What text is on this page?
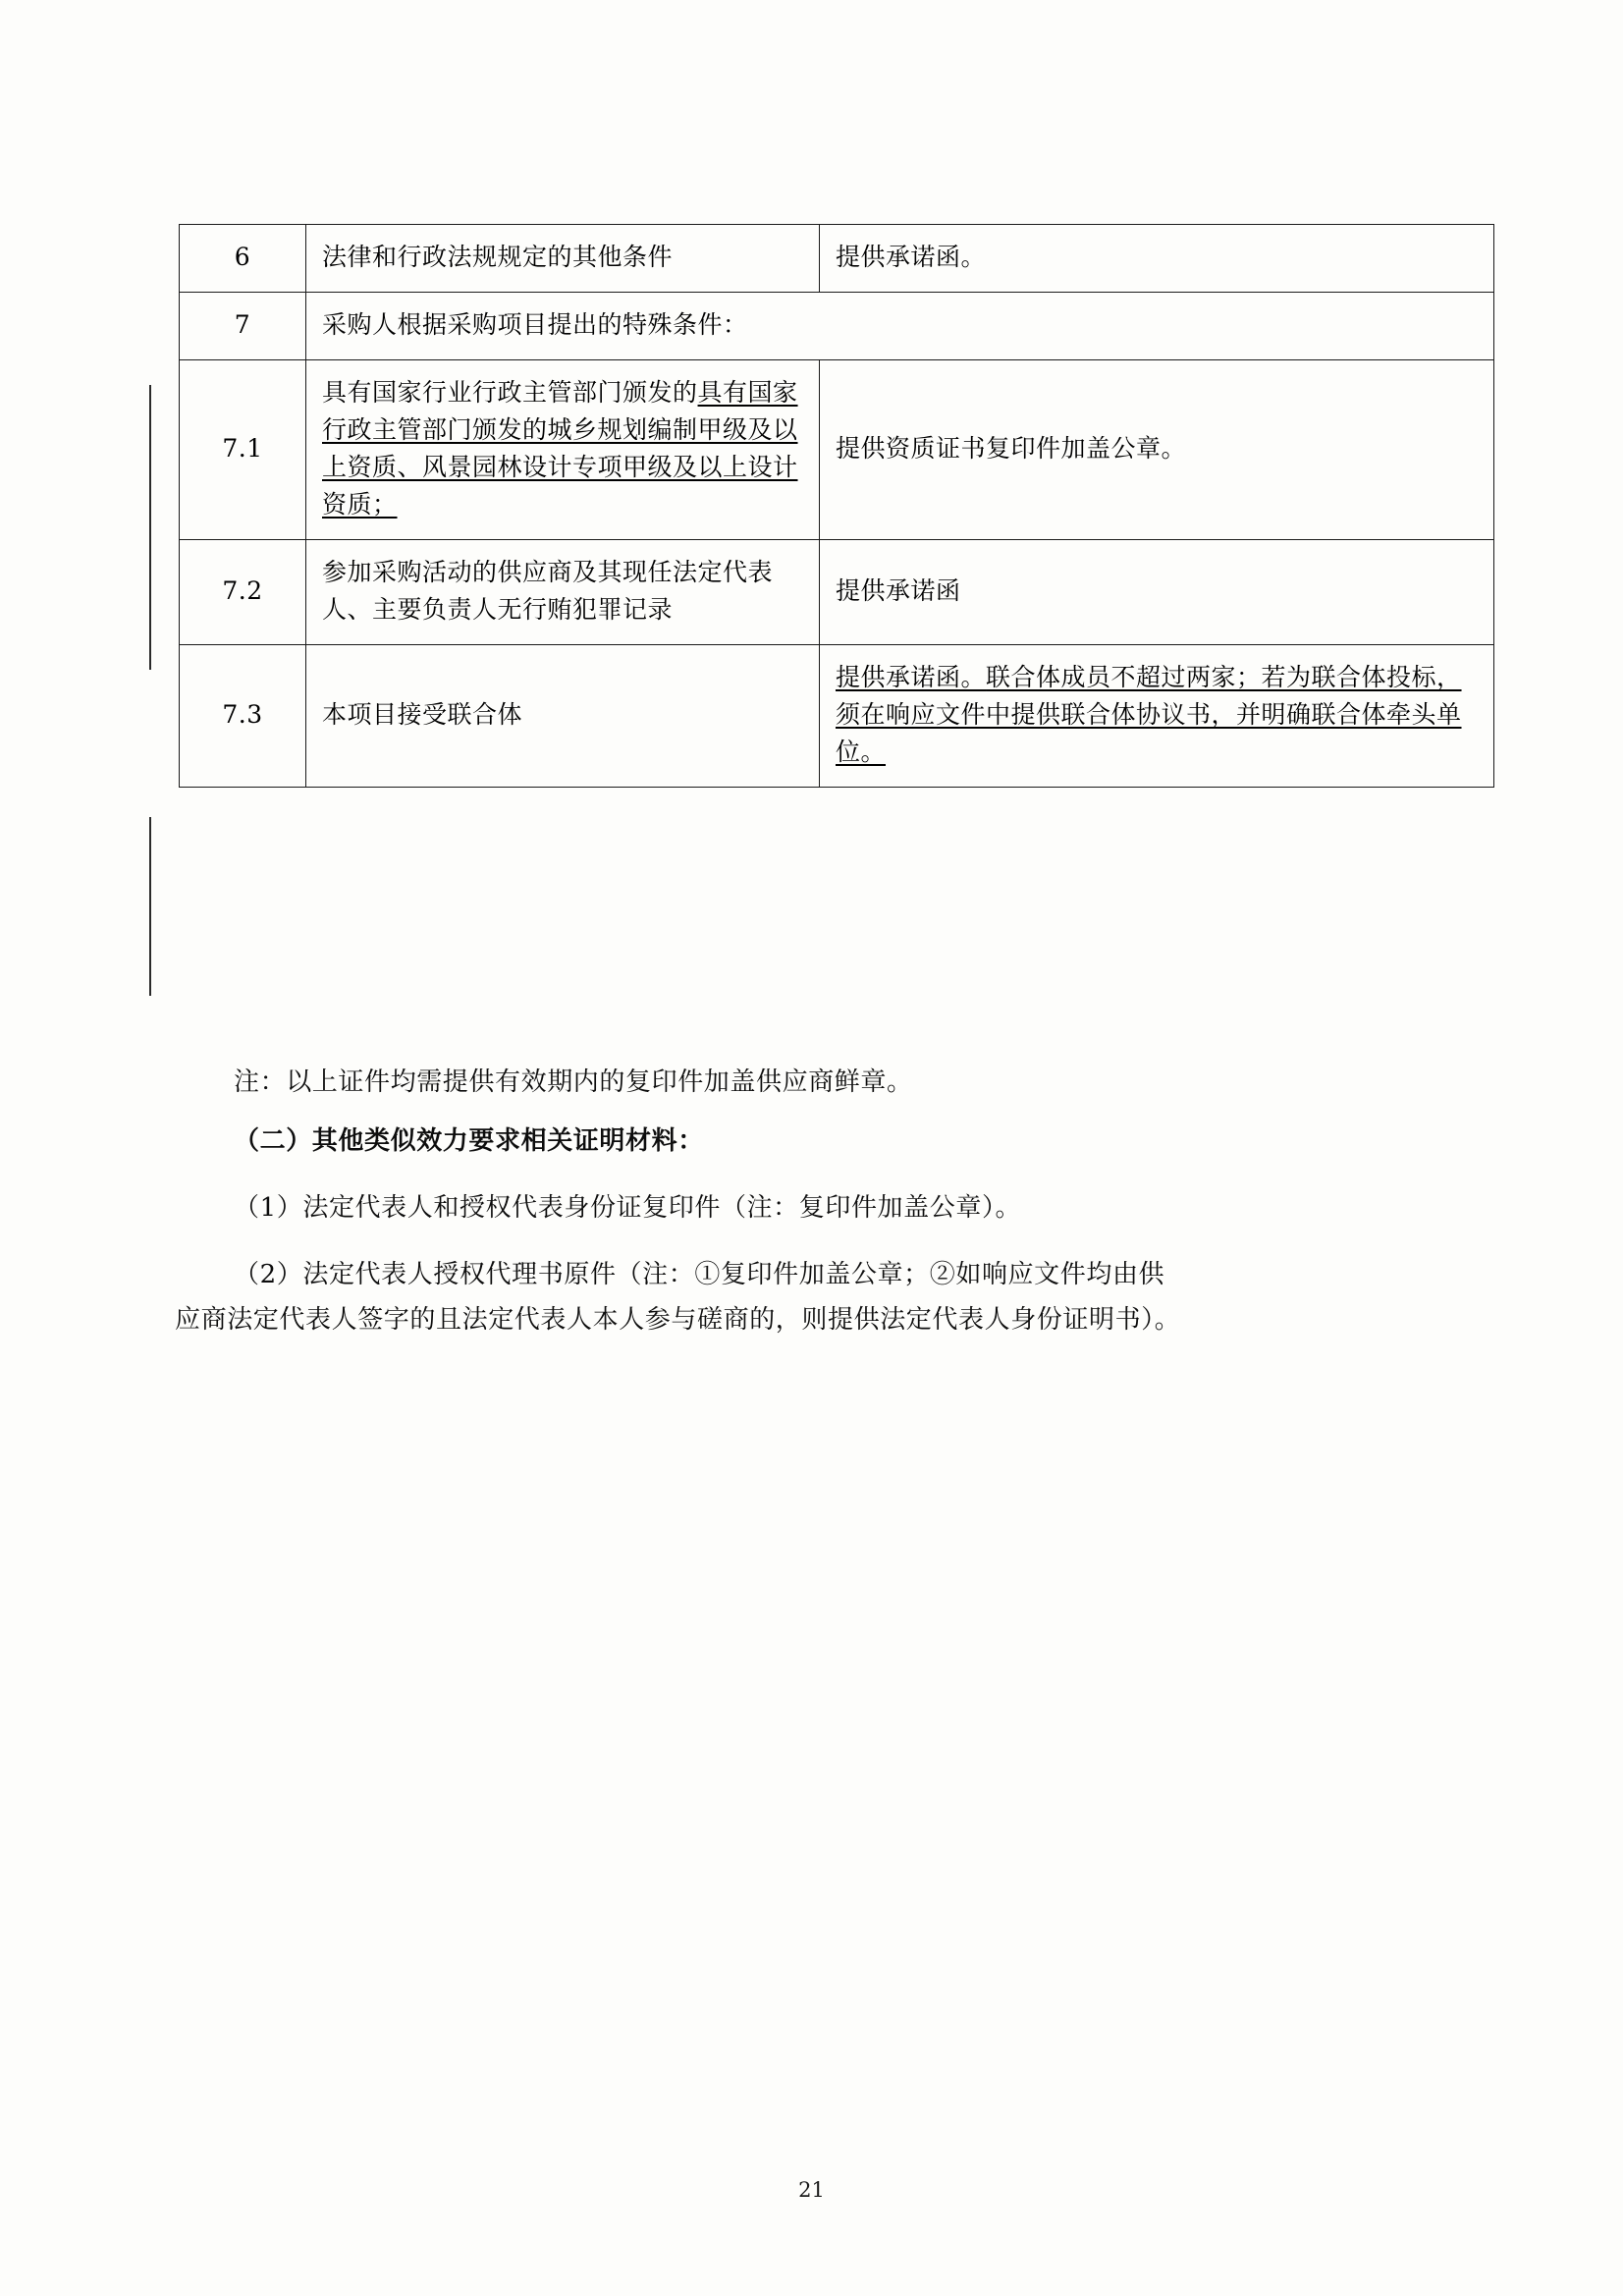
6	法律和行政法规规定的其他条件	提供承诺函。
7	采购人根据采购项目提出的特殊条件：	
7.1	具有国家行业行政主管部门颁发的具有国家行政主管部门颁发的城乡规划编制甲级及以上资质、风景园林设计专项甲级及以上设计资质；	提供资质证书复印件加盖公章。
7.2	参加采购活动的供应商及其现任法定代表人、主要负责人无行贿犯罪记录	提供承诺函
7.3	本项目接受联合体	提供承诺函。联合体成员不超过两家；若为联合体投标，须在响应文件中提供联合体协议书，并明确联合体牵头单位。
注：以上证件均需提供有效期内的复印件加盖供应商鲜章。
（二）其他类似效力要求相关证明材料：
（1）法定代表人和授权代表身份证复印件（注：复印件加盖公章）。
（2）法定代表人授权代理书原件（注：①复印件加盖公章；②如响应文件均由供
应商法定代表人签字的且法定代表人本人参与磋商的，则提供法定代表人身份证明书）。
21
